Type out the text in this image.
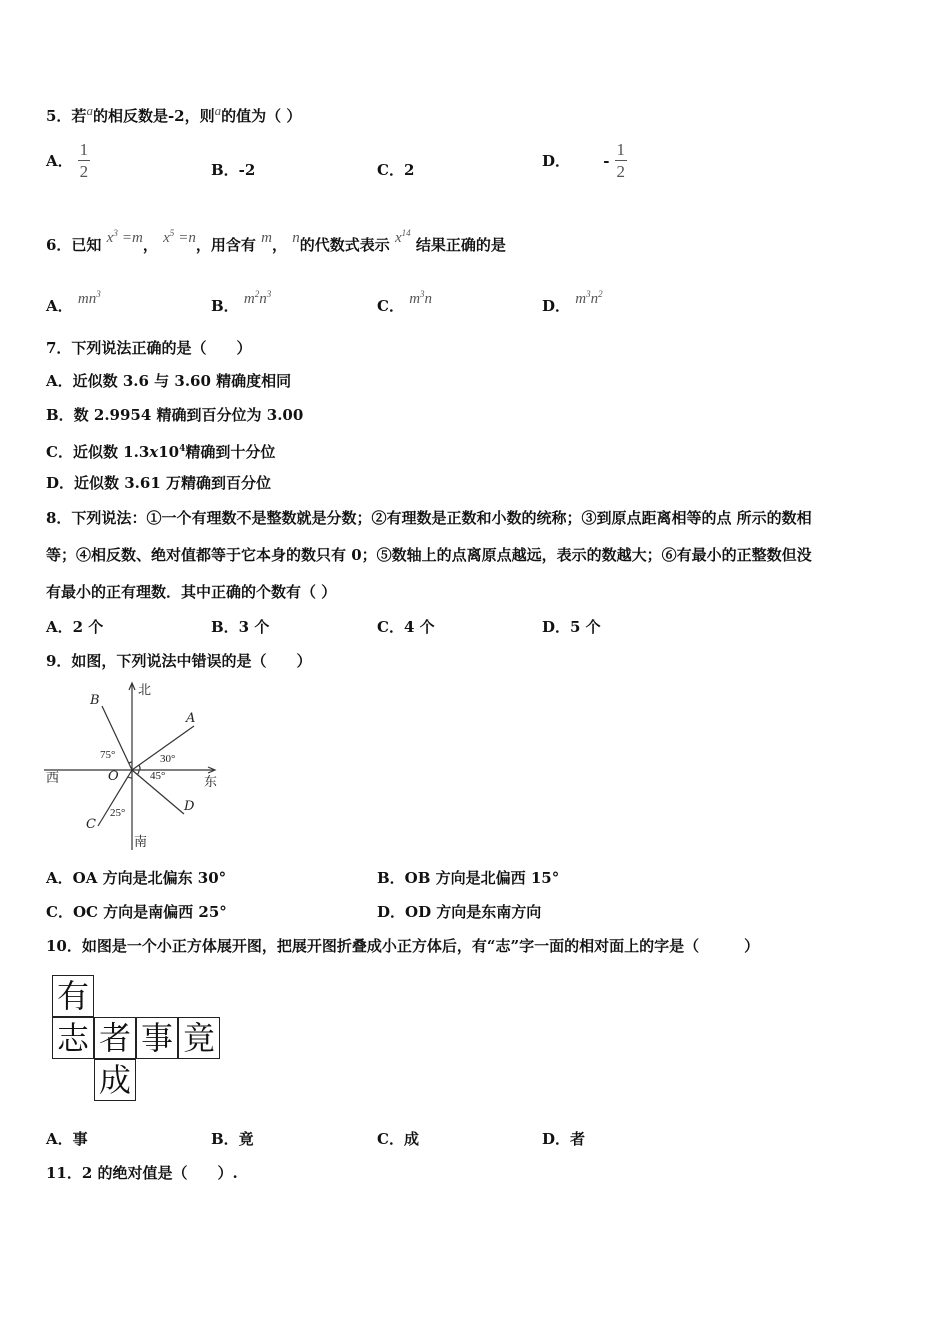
5．若$^a$的相反数是-2，则$^a$的值为（ ）
A． $\frac{1}{2}$	B．-2	C．2
D． - $\frac{1}{2}$
6．已知 $x^3 =m$， $x^5 =n$，用含有 m， n的代数式表示 $x^{14}$ 结果正确的是
A． $mn^3$
B． $m^2n^3$
C． $m^3n$	D． $m^3n^2$
7．下列说法正确的是（　　）
A．近似数 3.6 与 3.60 精确度相同
B．数 2.9954 精确到百分位为 3.00
C．近似数 $1.3x10^4$精确到十分位
D．近似数 3.61 万精确到百分位
8．下列说法：①一个有理数不是整数就是分数；②有理数是正数和小数的统称；③到原点距离相等的点 所示的数相
等；④相反数、绝对值都等于它本身的数只有 0；⑤数轴上的点离原点越远，表示的数越大；⑥有最小的正整数但没
有最小的正有理数．其中正确的个数有（ ）
A．2 个	B．3 个	C．4 个	D．5 个
9．如图，下列说法中错误的是（　　）
北
南
西	东
A
B
C
D
O
75°	30°
45°
25°
A．OA 方向是北偏东 30°	B．OB 方向是北偏西 15°
C．OC 方向是南偏西 25°	D．OD 方向是东南方向
10．如图是一个小正方体展开图，把展开图折叠成小正方体后，有“志”字一面的相对面上的字是（　　　）
有
志 者 事 竟
成
A．事	B．竟	C．成	D．者
11．2 的绝对值是（　　）.
